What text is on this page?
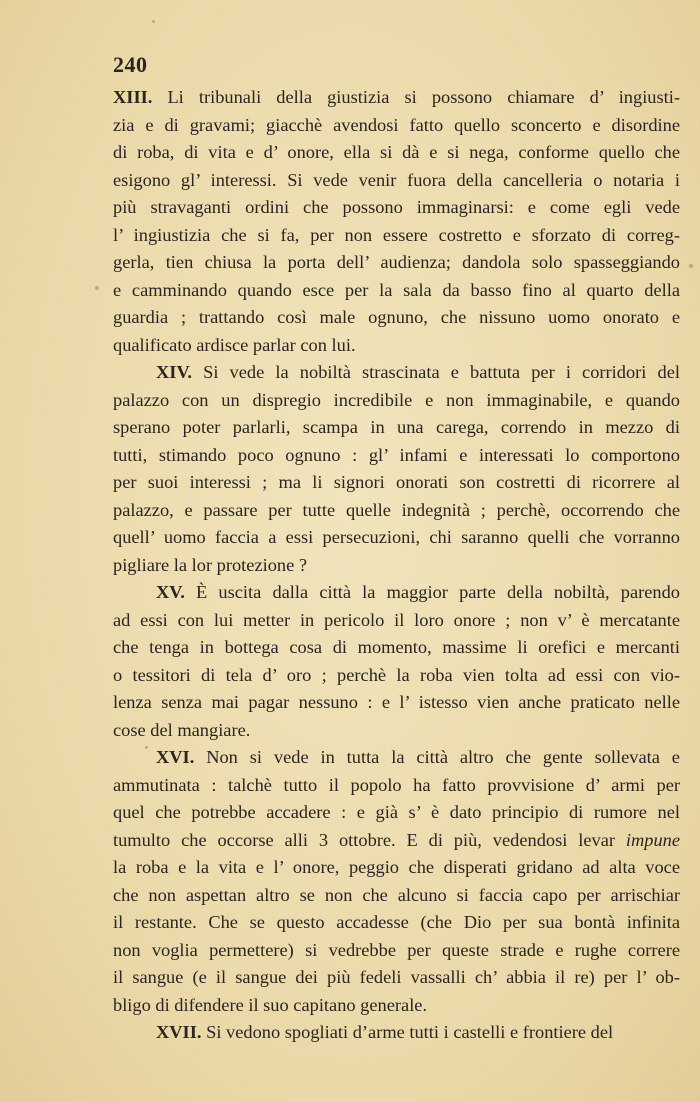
240
XIII. Li tribunali della giustizia si possono chiamare d’ ingiusti-
zia e di gravami; giacchè avendosi fatto quello sconcerto e disordine
di roba, di vita e d’ onore, ella si dà e si nega, conforme quello che
esigono gl’ interessi. Si vede venir fuora della cancelleria o notaria i
più stravaganti ordini che possono immaginarsi: e come egli vede
l’ ingiustizia che si fa, per non essere costretto e sforzato di correg-
gerla, tien chiusa la porta dell’ audienza; dandola solo spasseggiando
e camminando quando esce per la sala da basso fino al quarto della
guardia ; trattando così male ognuno, che nissuno uomo onorato e
qualificato ardisce parlar con lui.
XIV. Si vede la nobiltà strascinata e battuta per i corridori del
palazzo con un dispregio incredibile e non immaginabile, e quando
sperano poter parlarli, scampa in una carega, correndo in mezzo di
tutti, stimando poco ognuno : gl’ infami e interessati lo comportono
per suoi interessi ; ma li signori onorati son costretti di ricorrere al
palazzo, e passare per tutte quelle indegnità ; perchè, occorrendo che
quell’ uomo faccia a essi persecuzioni, chi saranno quelli che vorranno
pigliare la lor protezione ?
XV. È uscita dalla città la maggior parte della nobiltà, parendo
ad essi con lui metter in pericolo il loro onore ; non v’ è mercatante
che tenga in bottega cosa di momento, massime li orefici e mercanti
o tessitori di tela d’ oro ; perchè la roba vien tolta ad essi con vio-
lenza senza mai pagar nessuno : e l’ istesso vien anche praticato nelle
cose del mangiare.
XVI. Non si vede in tutta la città altro che gente sollevata e
ammutinata : talchè tutto il popolo ha fatto provvisione d’ armi per
quel che potrebbe accadere : e già s’ è dato principio di rumore nel
tumulto che occorse alli 3 ottobre. E di più, vedendosi levar impune
la roba e la vita e l’ onore, peggio che disperati gridano ad alta voce
che non aspettan altro se non che alcuno si faccia capo per arrischiar
il restante. Che se questo accadesse (che Dio per sua bontà infinita
non voglia permettere) si vedrebbe per queste strade e rughe correre
il sangue (e il sangue dei più fedeli vassalli ch’ abbia il re) per l’ ob-
bligo di difendere il suo capitano generale.
XVII. Si vedono spogliati d’arme tutti i castelli e frontiere del
